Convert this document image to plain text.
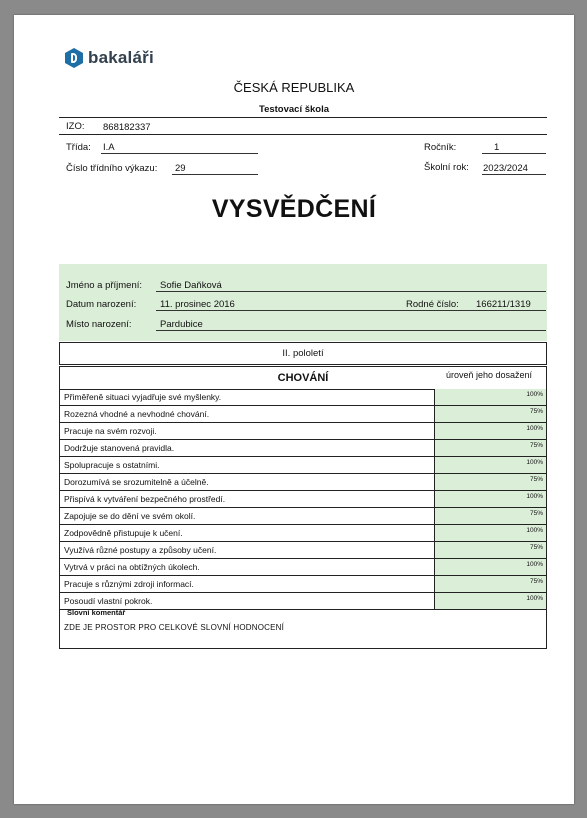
bakaláři
ČESKÁ REPUBLIKA
Testovací škola
IZO: 868182337
Třída: I.A	Ročník:	1
Číslo třídního výkazu: 29	Školní rok: 2023/2024
VYSVĚDČENÍ
Jméno a příjmení: Sofie Daňková
Datum narození:	11. prosinec 2016	Rodné číslo: 166211/1319
Místo narození:	Pardubice
II. pololetí
CHOVÁNÍ	úroveň jeho dosažení
Přiměřeně situaci vyjadřuje své myšlenky.	100%
Rozezná vhodné a nevhodné chování.	75%
Pracuje na svém rozvoji.	100%
Dodržuje stanovená pravidla.	75%
Spolupracuje s ostatními.	100%
Dorozumívá se srozumitelně a účelně.	75%
Přispívá k vytváření bezpečného prostředí.	100%
Zapojuje se do dění ve svém okolí.	75%
Zodpovědně přistupuje k učení.	100%
Využívá různé postupy a způsoby učení.	75%
Vytrvá v práci na obtížných úkolech.	100%
Pracuje s různými zdroji informací.	75%
Posoudí vlastní pokrok.	100%
Slovní komentář
ZDE JE PROSTOR PRO CELKOVÉ SLOVNÍ HODNOCENÍ
